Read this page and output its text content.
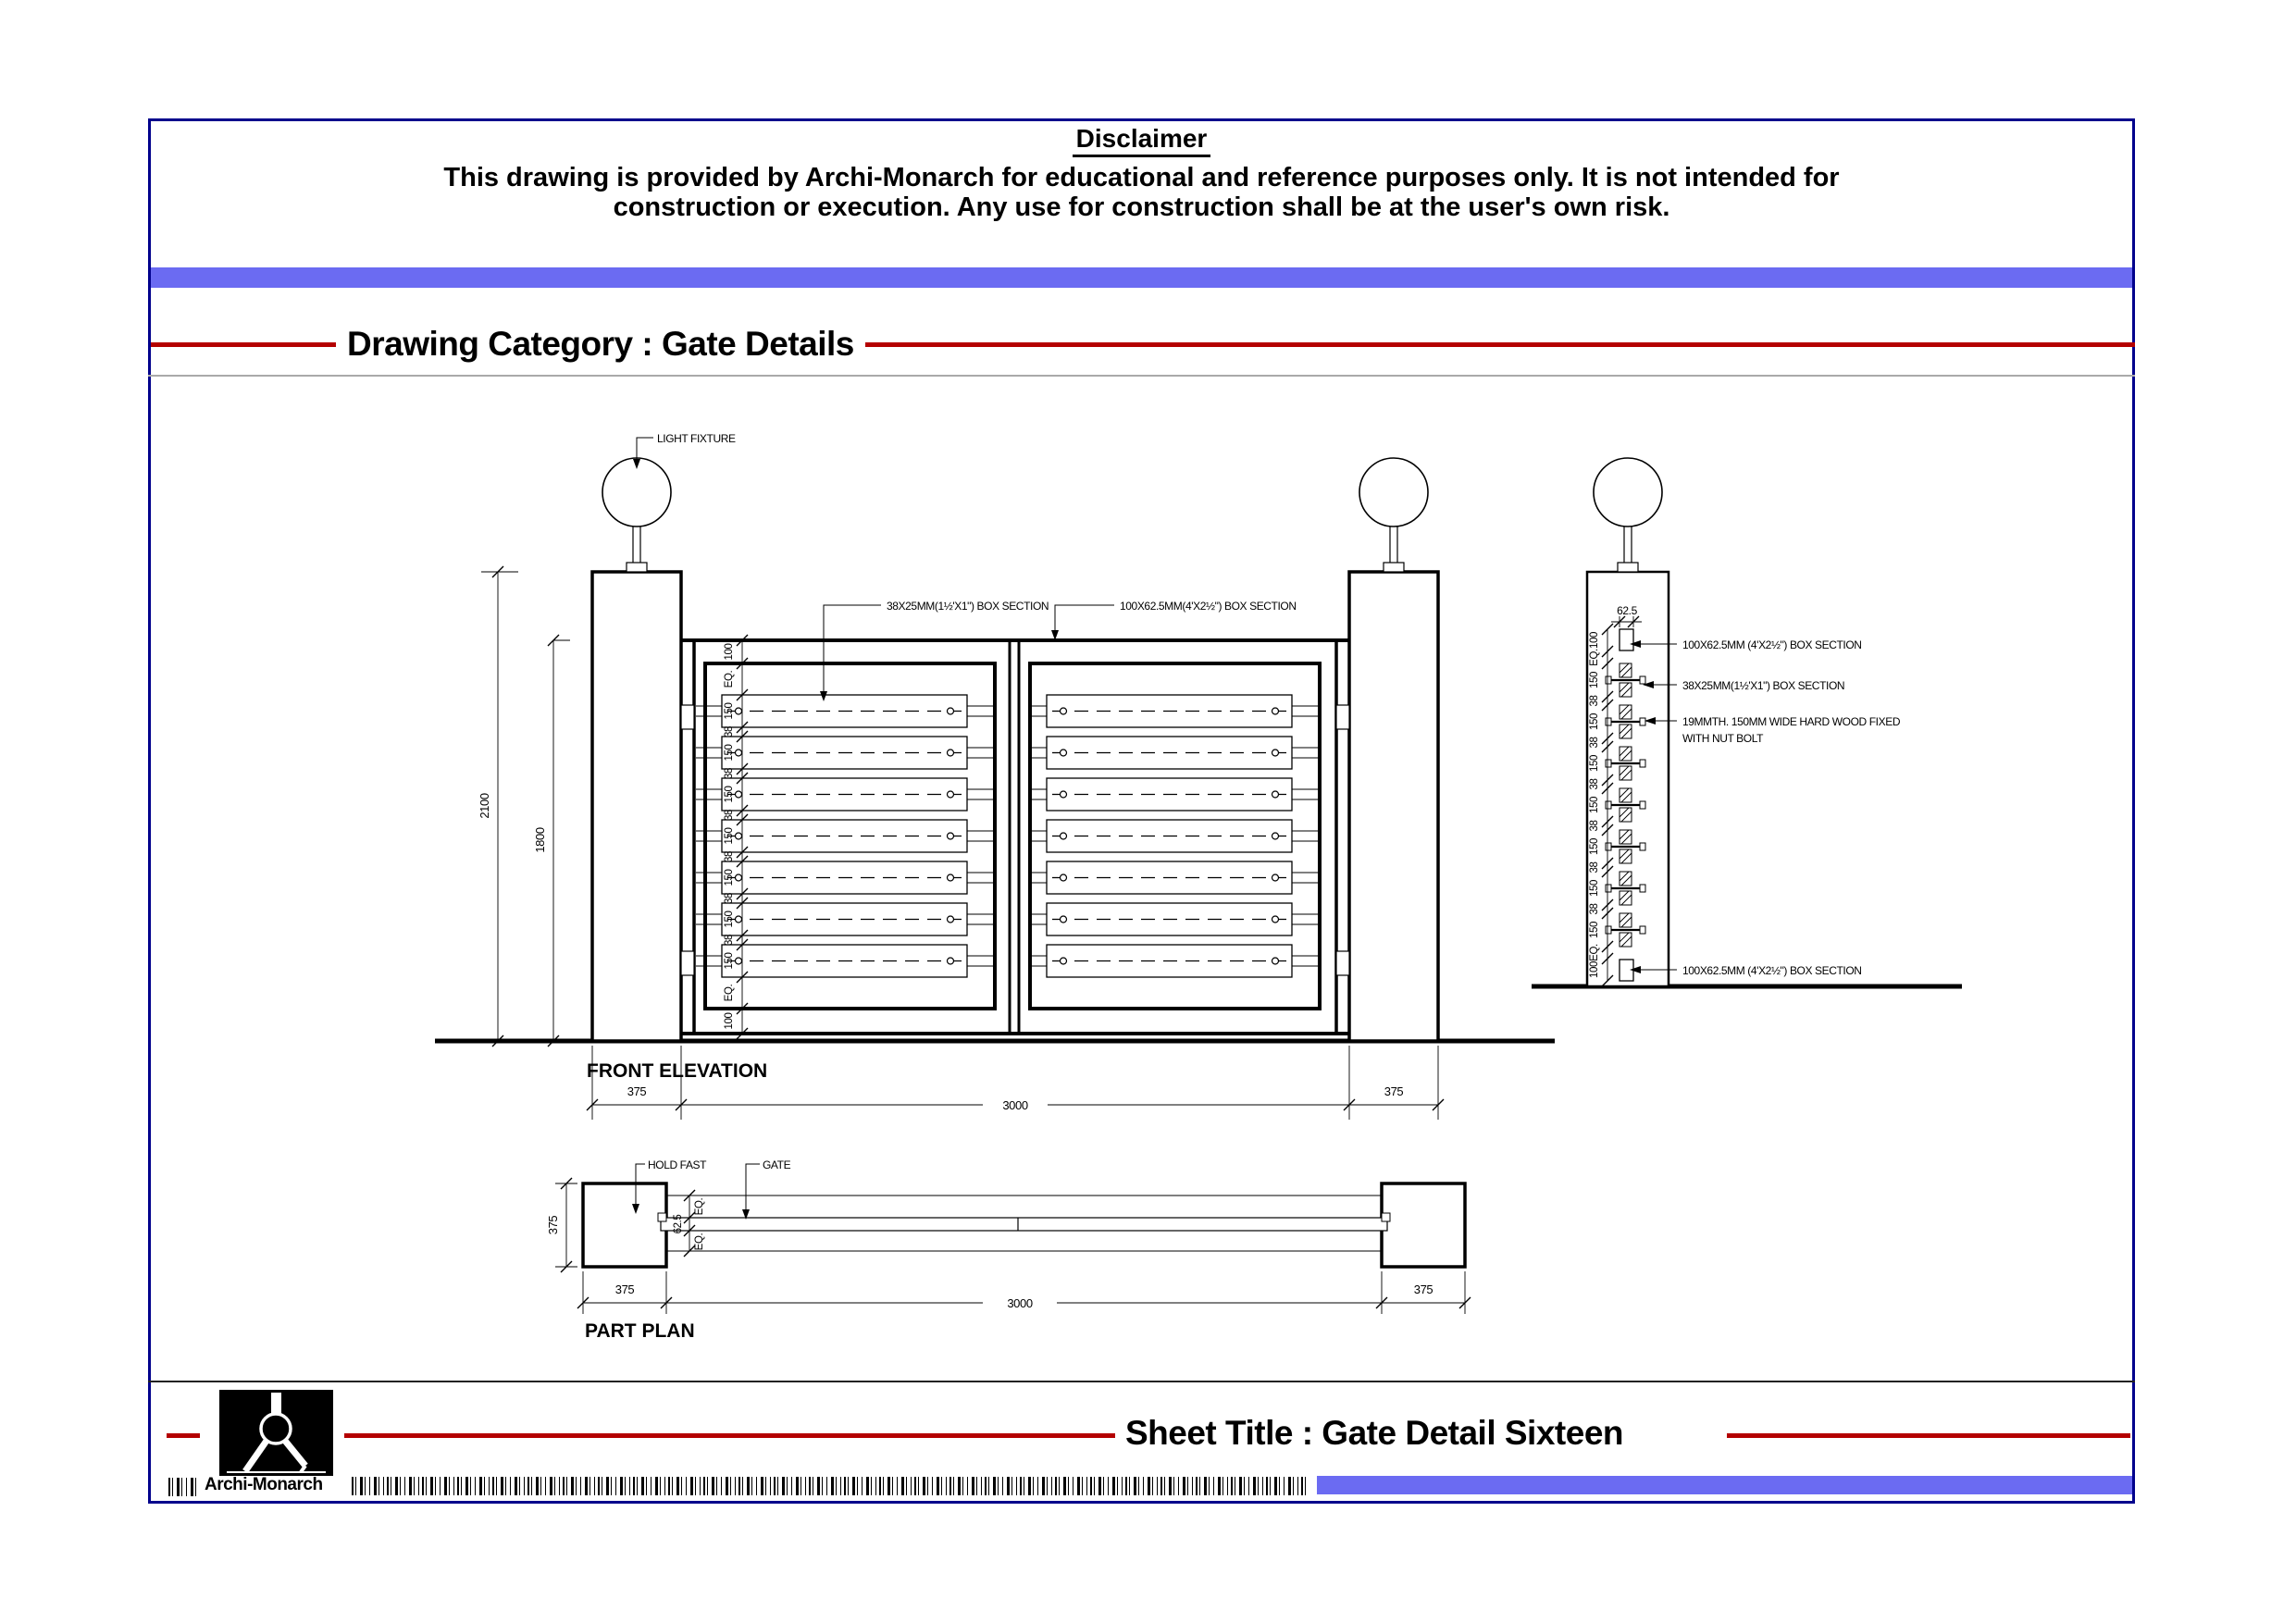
Disclaimer
This drawing is provided by Archi-Monarch for educational and reference purposes only. It is not intended for
construction or execution. Any use for construction shall be at the user's own risk.
Drawing Category : Gate Details
100
EQ.
150
38
150
38
150
38
150
38
150
38
150
38
150
EQ.
100
2100
1800
375
3000
375
LIGHT FIXTURE
38X25MM(1½'X1") BOX SECTION	100X62.5MM(4'X2½") BOX SECTION
FRONT ELEVATION
62.5
100
EQ.
150
38
150
38
150
38
150
38
150
38
150
38
150
EQ.
100
100X62.5MM (4'X2½") BOX SECTION
38X25MM(1½'X1") BOX SECTION
19MMTH. 150MM WIDE HARD WOOD FIXED
WITH NUT BOLT
100X62.5MM (4'X2½") BOX SECTION
HOLD FAST	GATE
375
EQ.
62.5
EQ.
375
3000
375
PART PLAN
Sheet Title : Gate Detail Sixteen
Archi-Monarch
